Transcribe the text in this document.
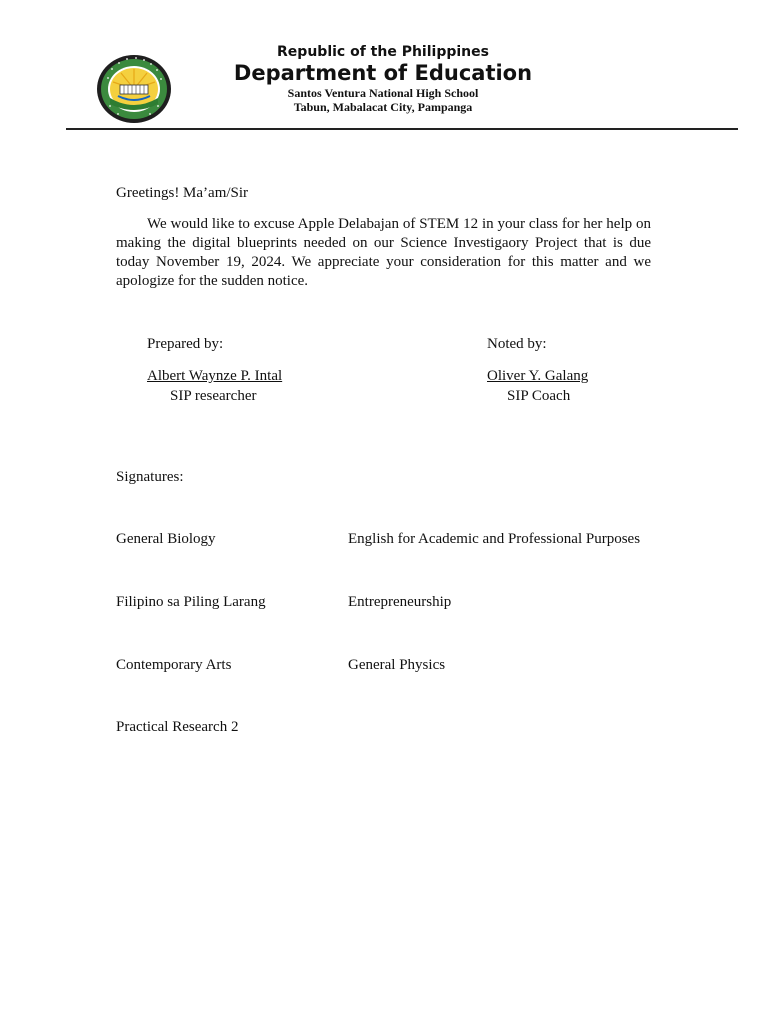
Republic of the Philippines
Department of Education
Santos Ventura National High School
Tabun, Mabalacat City, Pampanga
Greetings! Ma’am/Sir
We would like to excuse Apple Delabajan of STEM 12 in your class for her help on making the digital blueprints needed on our Science Investigaory Project that is due today November 19, 2024. We appreciate your consideration for this matter and we apologize for the sudden notice.
Prepared by:
Albert Waynze P. Intal
SIP researcher
Noted by:
Oliver Y. Galang
SIP Coach
Signatures:
General Biology	English for Academic and Professional Purposes
Filipino sa Piling Larang	Entrepreneurship
Contemporary Arts	General Physics
Practical Research 2
